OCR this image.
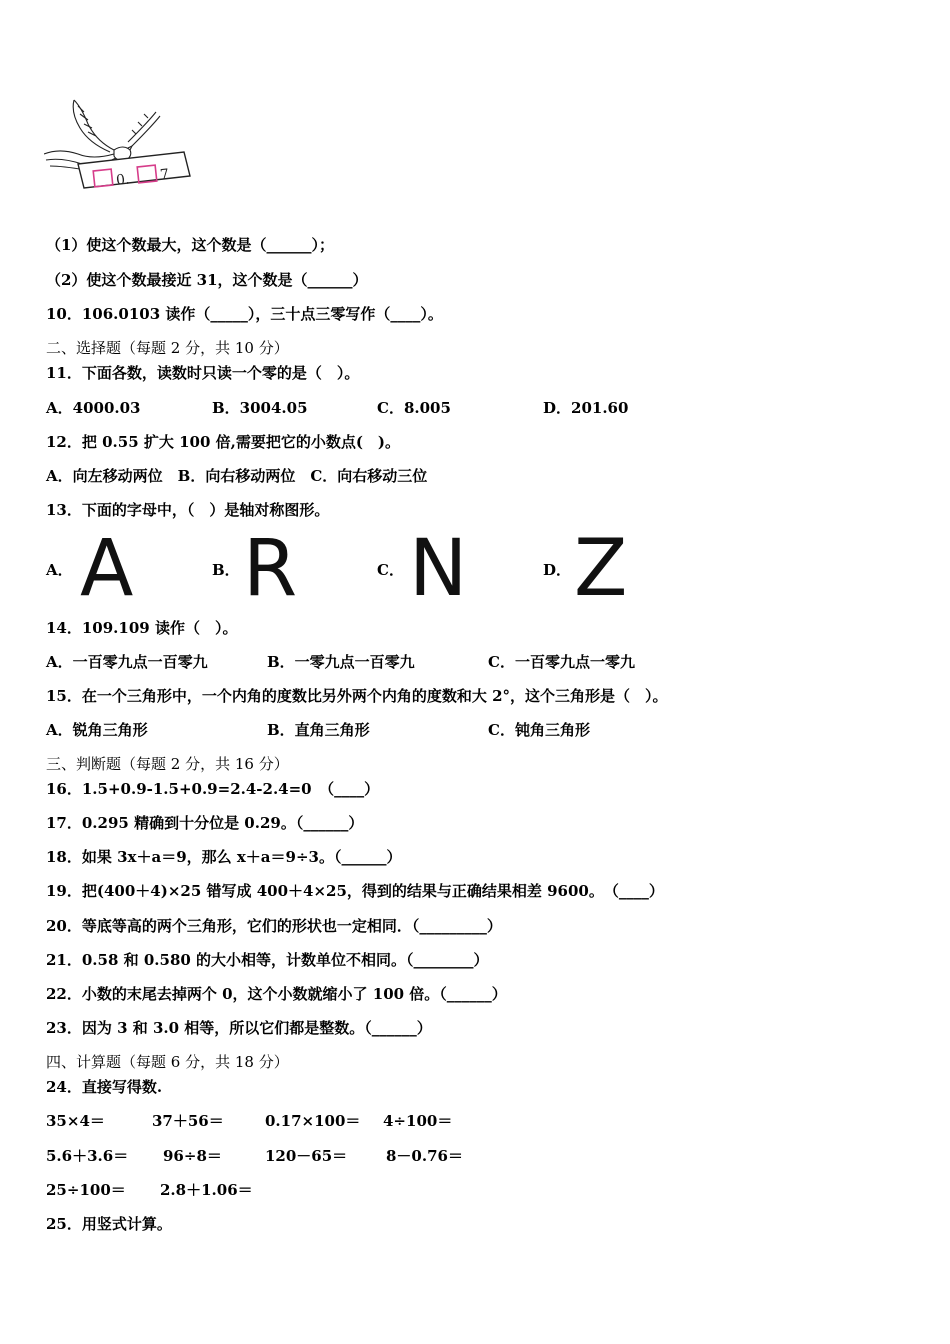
0. 7
（1）使这个数最大，这个数是（______）；
（2）使这个数最接近 31，这个数是（______）
10．106.0103 读作（_____），三十点三零写作（____）。
二、选择题（每题 2 分，共 10 分）
11．下面各数，读数时只读一个零的是（　）。
A．4000.03	B．3004.05	C．8.005	D．201.60
12．把 0.55 扩大 100 倍,需要把它的小数点(　)。
A．向左移动两位　B．向右移动两位　C．向右移动三位
13．下面的字母中，（　）是轴对称图形。
A． A	B． R	C． N	D． Z
14．109.109 读作（　）。
A．一百零九点一百零九	B．一零九点一百零九	C．一百零九点一零九
15．在一个三角形中，一个内角的度数比另外两个内角的度数和大 2°，这个三角形是（　）。
A．锐角三角形	B．直角三角形	C．钝角三角形
三、判断题（每题 2 分，共 16 分）
16．1.5+0.9-1.5+0.9=2.4-2.4=0　（____）
17．0.295 精确到十分位是 0.29。（______）
18．如果 3x＋a＝9，那么 x＋a＝9÷3。（______）
19．把(400＋4)×25 错写成 400＋4×25，得到的结果与正确结果相差 9600。　（____）
20．等底等高的两个三角形，它们的形状也一定相同．（_________）
21．0.58 和 0.580 的大小相等，计数单位不相同。（________）
22．小数的末尾去掉两个 0，这个小数就缩小了 100 倍。（______）
23．因为 3 和 3.0 相等，所以它们都是整数。（______）
四、计算题（每题 6 分，共 18 分）
24．直接写得数.
35×4＝	37＋56＝	0.17×100＝ 4÷100＝
5.6＋3.6＝ 96÷8＝	120－65＝	8－0.76＝
25÷100＝ 2.8＋1.06＝
25．用竖式计算。
